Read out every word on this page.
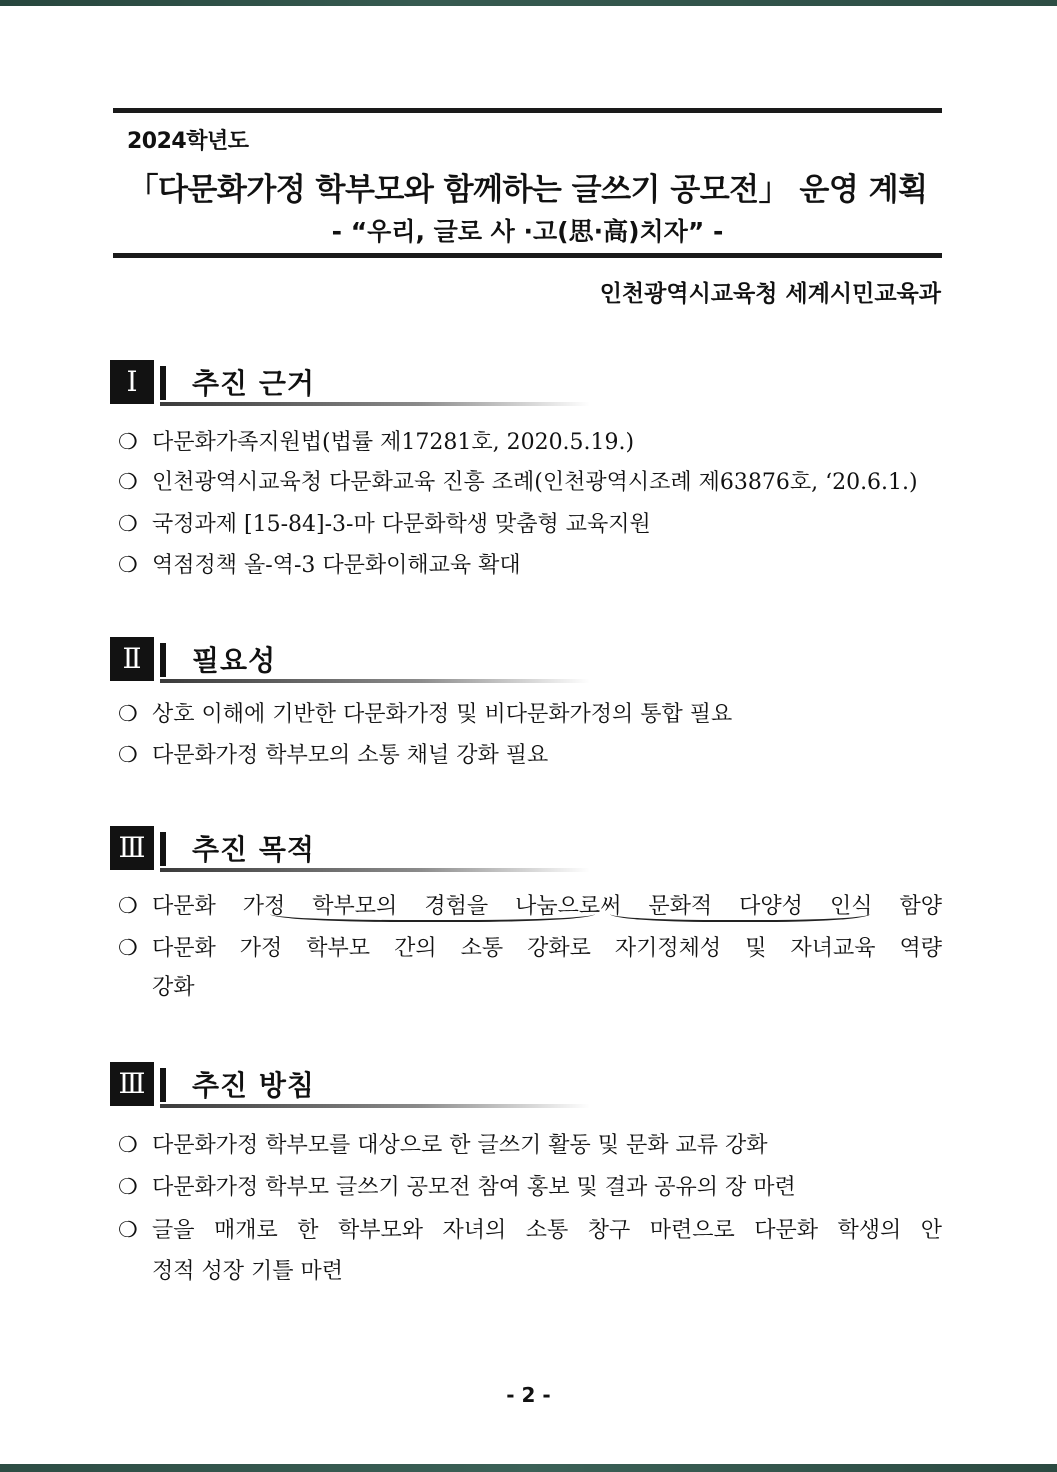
2024학년도
「다문화가정 학부모와 함께하는 글쓰기 공모전」 운영 계획
- “우리, 글로 사 ·고(思·高)치자” -
인천광역시교육청 세계시민교육과
Ⅰ	추진 근거
❍ 다문화가족지원법(법률 제17281호, 2020.5.19.)
❍ 인천광역시교육청 다문화교육 진흥 조례(인천광역시조례 제63876호, ‘20.6.1.)
❍ 국정과제 [15-84]-3-마 다문화학생 맞춤형 교육지원
❍ 역점정책 올-역-3 다문화이해교육 확대
Ⅱ	필요성
❍ 상호 이해에 기반한 다문화가정 및 비다문화가정의 통합 필요
❍ 다문화가정 학부모의 소통 채널 강화 필요
Ⅲ	추진 목적
❍ 다문화 가정 학부모의 경험을 나눔으로써 문화적 다양성 인식 함양
❍ 다문화 가정 학부모 간의 소통 강화로 자기정체성 및 자녀교육 역량
강화
Ⅲ	추진 방침
❍ 다문화가정 학부모를 대상으로 한 글쓰기 활동 및 문화 교류 강화
❍ 다문화가정 학부모 글쓰기 공모전 참여 홍보 및 결과 공유의 장 마련
❍ 글을 매개로 한 학부모와 자녀의 소통 창구 마련으로 다문화 학생의 안
정적 성장 기틀 마련
- 2 -
